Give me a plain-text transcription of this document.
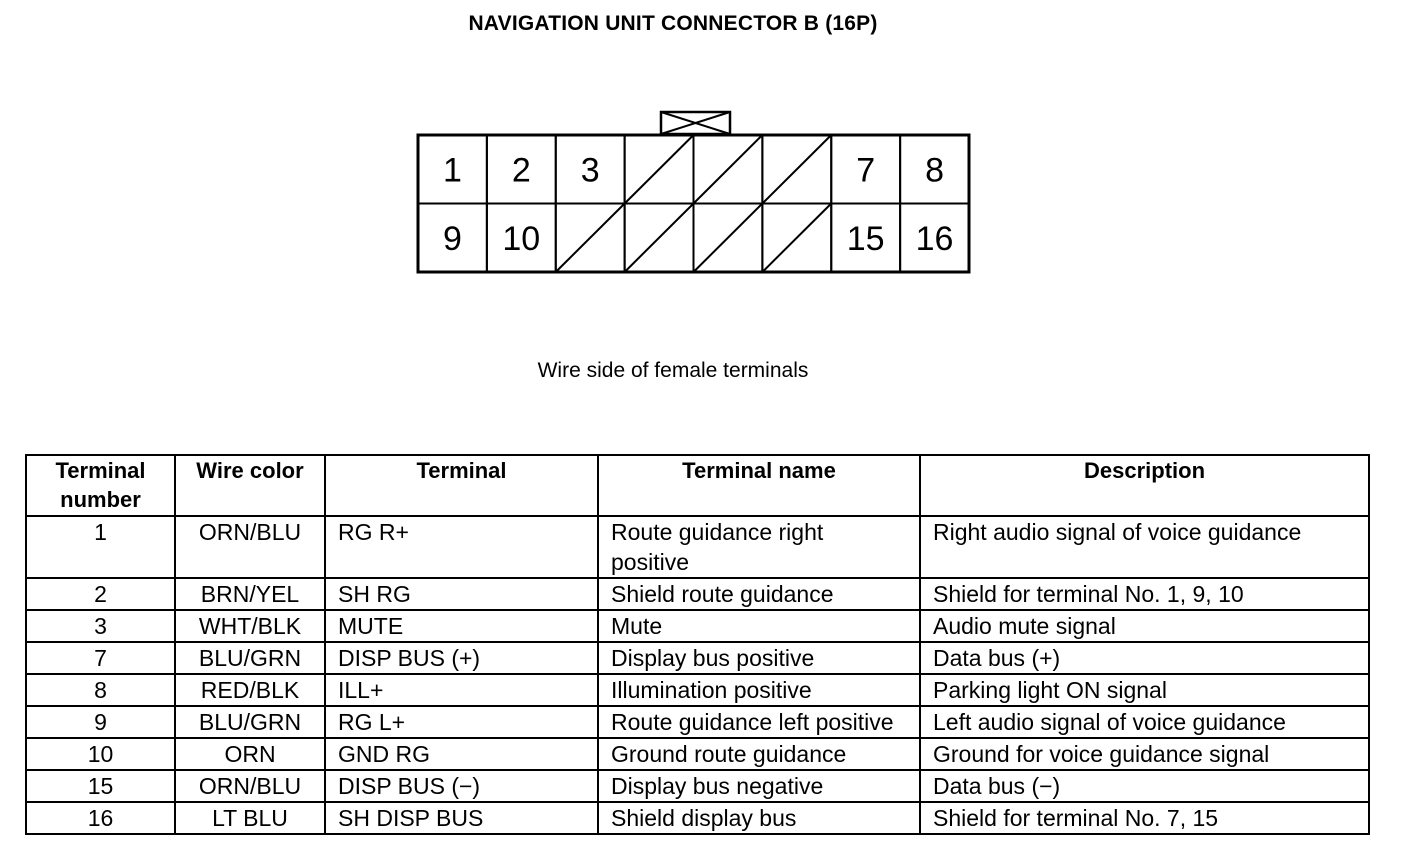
NAVIGATION UNIT CONNECTOR B (16P)
1 2 3	7 8
9 10	15 16
Wire side of female terminals
Terminal number	Wire color	Terminal	Terminal name	Description
1	ORN/BLU	RG R+	Route guidance right positive	Right audio signal of voice guidance
2	BRN/YEL	SH RG	Shield route guidance	Shield for terminal No. 1, 9, 10
3	WHT/BLK	MUTE	Mute	Audio mute signal
7	BLU/GRN	DISP BUS (+)	Display bus positive	Data bus (+)
8	RED/BLK	ILL+	Illumination positive	Parking light ON signal
9	BLU/GRN	RG L+	Route guidance left positive	Left audio signal of voice guidance
10	ORN	GND RG	Ground route guidance	Ground for voice guidance signal
15	ORN/BLU	DISP BUS (−)	Display bus negative	Data bus (−)
16	LT BLU	SH DISP BUS	Shield display bus	Shield for terminal No. 7, 15
